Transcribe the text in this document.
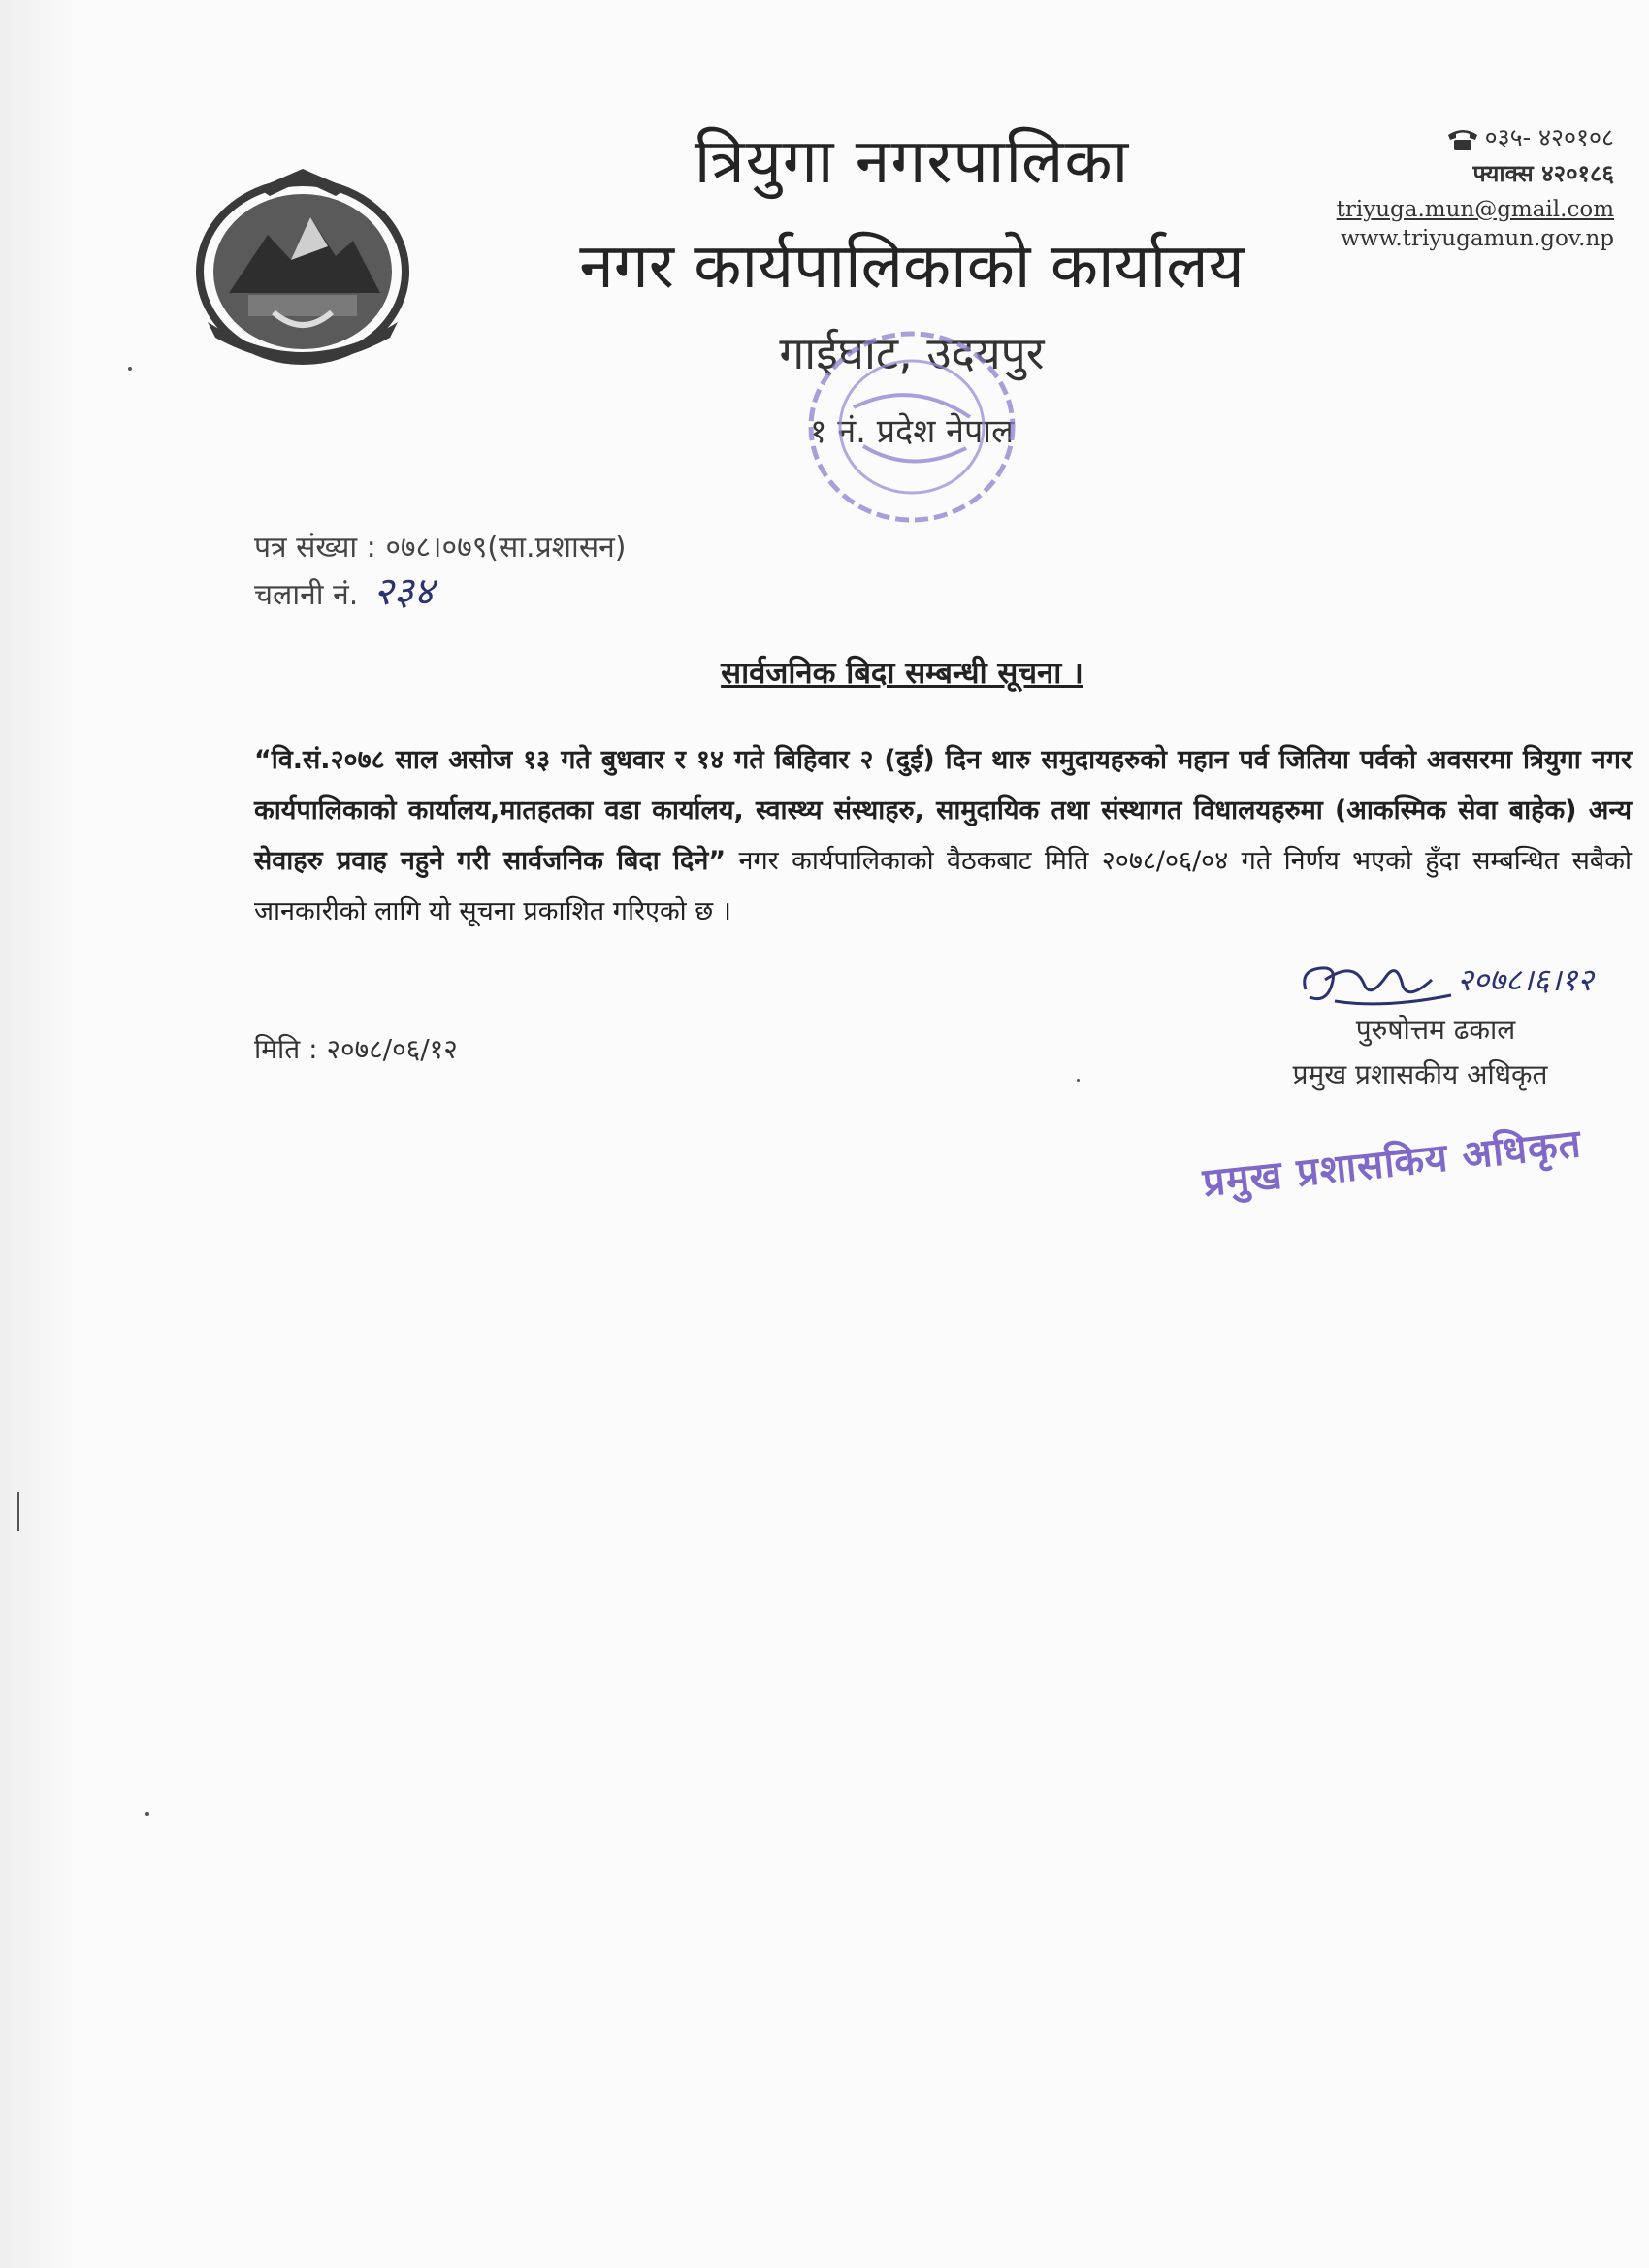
त्रियुगा नगरपालिका
नगर कार्यपालिकाको कार्यालय
गाईघाट, उदयपुर
१ नं. प्रदेश नेपाल
०३५- ४२०१०८
फ्याक्स ४२०१८६
triyuga.mun@gmail.com
www.triyugamun.gov.np
पत्र संख्या : ०७८।०७९(सा.प्रशासन)
चलानी नं. २३४
सार्वजनिक बिदा सम्बन्धी सूचना ।
“वि.सं.२०७८ साल असोज १३ गते बुधवार र १४ गते बिहिवार २ (दुई) दिन थारु समुदायहरुको महान पर्व जितिया पर्वको अवसरमा त्रियुगा नगर कार्यपालिकाको कार्यालय,मातहतका वडा कार्यालय, स्वास्थ्य संस्थाहरु, सामुदायिक तथा संस्थागत विधालयहरुमा (आकस्मिक सेवा बाहेक) अन्य सेवाहरु प्रवाह नहुने गरी सार्वजनिक बिदा दिने” नगर कार्यपालिकाको वैठकबाट मिति २०७८/०६/०४ गते निर्णय भएको हुँदा सम्बन्धित सबैको जानकारीको लागि यो सूचना प्रकाशित गरिएको छ ।
मिति : २०७८/०६/१२
२०७८।६।१२
पुरुषोत्तम ढकाल
प्रमुख प्रशासकीय अधिकृत
प्रमुख प्रशासकिय अधिकृत
